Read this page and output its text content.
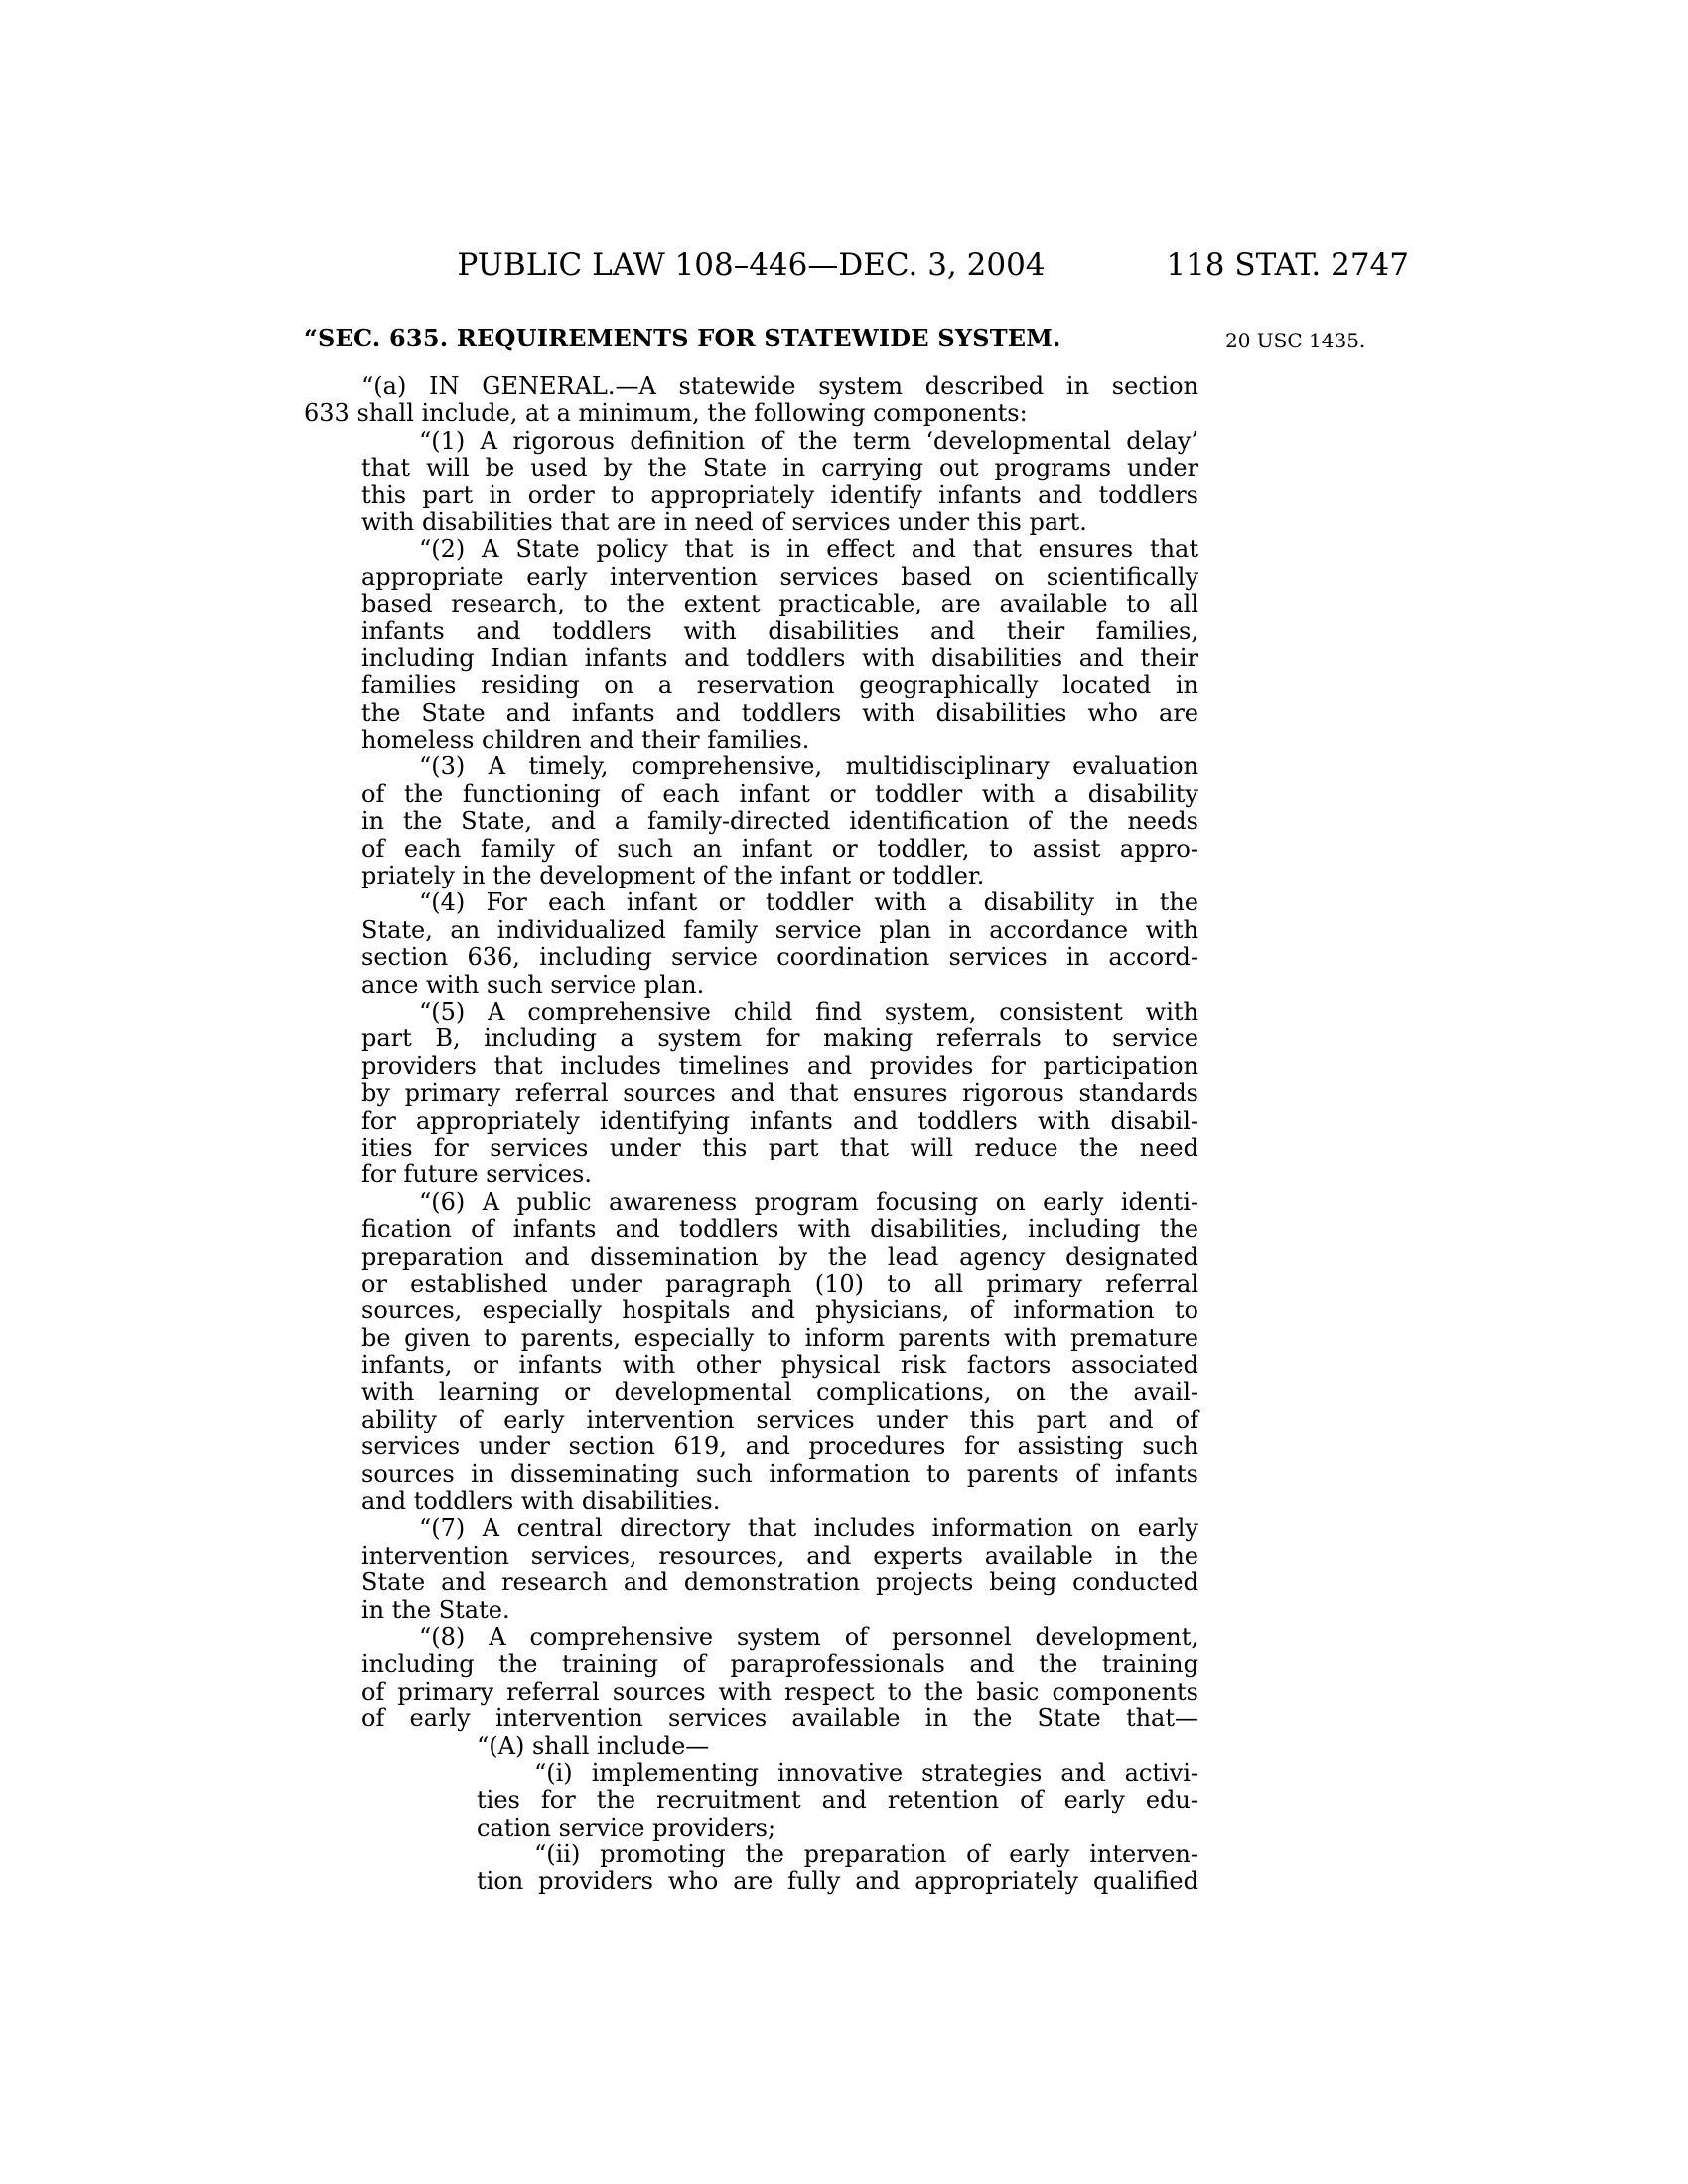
PUBLIC LAW 108–446—DEC. 3, 2004	118 STAT. 2747
“SEC. 635. REQUIREMENTS FOR STATEWIDE SYSTEM.	20 USC 1435.
“(a) IN GENERAL.—A statewide system described in section
633 shall include, at a minimum, the following components:
“(1) A rigorous definition of the term ‘developmental delay’
that will be used by the State in carrying out programs under
this part in order to appropriately identify infants and toddlers
with disabilities that are in need of services under this part.
“(2) A State policy that is in effect and that ensures that
appropriate early intervention services based on scientifically
based research, to the extent practicable, are available to all
infants and toddlers with disabilities and their families,
including Indian infants and toddlers with disabilities and their
families residing on a reservation geographically located in
the State and infants and toddlers with disabilities who are
homeless children and their families.
“(3) A timely, comprehensive, multidisciplinary evaluation
of the functioning of each infant or toddler with a disability
in the State, and a family-directed identification of the needs
of each family of such an infant or toddler, to assist appro-
priately in the development of the infant or toddler.
“(4) For each infant or toddler with a disability in the
State, an individualized family service plan in accordance with
section 636, including service coordination services in accord-
ance with such service plan.
“(5) A comprehensive child find system, consistent with
part B, including a system for making referrals to service
providers that includes timelines and provides for participation
by primary referral sources and that ensures rigorous standards
for appropriately identifying infants and toddlers with disabil-
ities for services under this part that will reduce the need
for future services.
“(6) A public awareness program focusing on early identi-
fication of infants and toddlers with disabilities, including the
preparation and dissemination by the lead agency designated
or established under paragraph (10) to all primary referral
sources, especially hospitals and physicians, of information to
be given to parents, especially to inform parents with premature
infants, or infants with other physical risk factors associated
with learning or developmental complications, on the avail-
ability of early intervention services under this part and of
services under section 619, and procedures for assisting such
sources in disseminating such information to parents of infants
and toddlers with disabilities.
“(7) A central directory that includes information on early
intervention services, resources, and experts available in the
State and research and demonstration projects being conducted
in the State.
“(8) A comprehensive system of personnel development,
including the training of paraprofessionals and the training
of primary referral sources with respect to the basic components
of early intervention services available in the State that—
“(A) shall include—
“(i) implementing innovative strategies and activi-
ties for the recruitment and retention of early edu-
cation service providers;
“(ii) promoting the preparation of early interven-
tion providers who are fully and appropriately qualified
